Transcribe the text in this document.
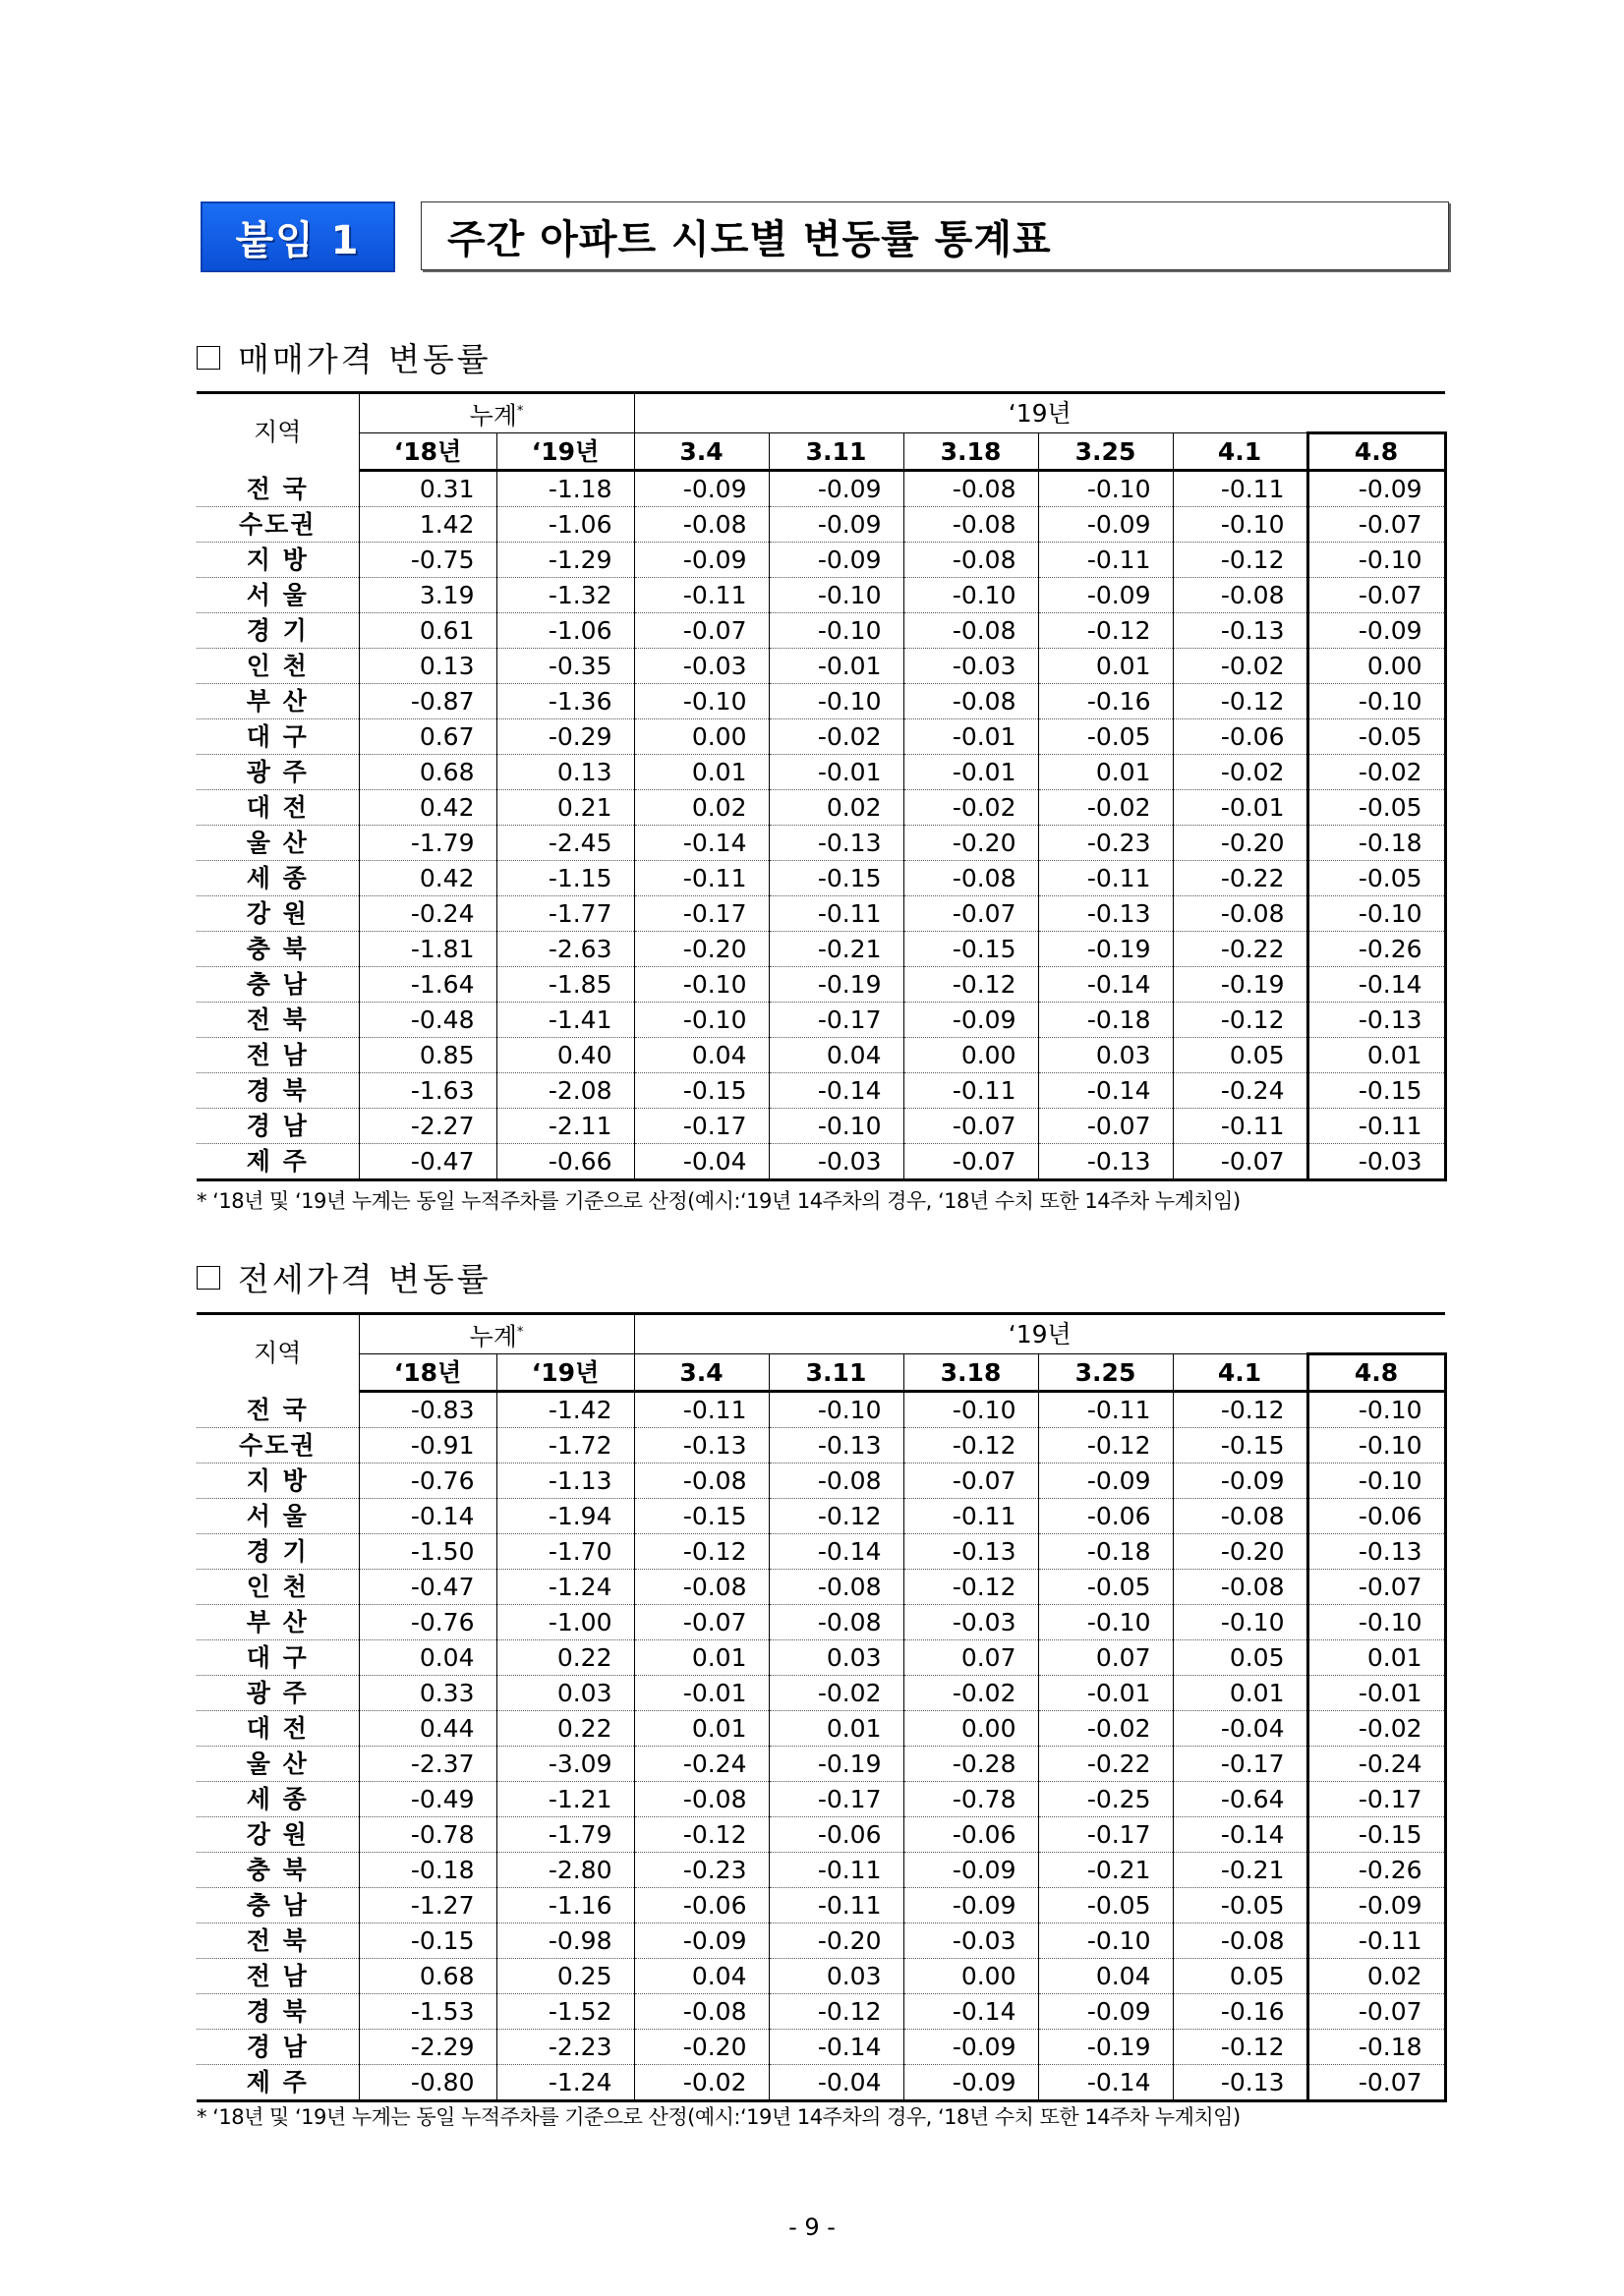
붙임 1	주간 아파트 시도별 변동률 통계표
매매가격 변동률
지역	누계*		‘19년					
	‘18년	‘19년	3.4	3.11	3.18	3.25	4.1	4.8
전 국	0.31	-1.18	-0.09	-0.09	-0.08	-0.10	-0.11	-0.09
수도권	1.42	-1.06	-0.08	-0.09	-0.08	-0.09	-0.10	-0.07
지 방	-0.75	-1.29	-0.09	-0.09	-0.08	-0.11	-0.12	-0.10
서 울	3.19	-1.32	-0.11	-0.10	-0.10	-0.09	-0.08	-0.07
경 기	0.61	-1.06	-0.07	-0.10	-0.08	-0.12	-0.13	-0.09
인 천	0.13	-0.35	-0.03	-0.01	-0.03	0.01	-0.02	0.00
부 산	-0.87	-1.36	-0.10	-0.10	-0.08	-0.16	-0.12	-0.10
대 구	0.67	-0.29	0.00	-0.02	-0.01	-0.05	-0.06	-0.05
광 주	0.68	0.13	0.01	-0.01	-0.01	0.01	-0.02	-0.02
대 전	0.42	0.21	0.02	0.02	-0.02	-0.02	-0.01	-0.05
울 산	-1.79	-2.45	-0.14	-0.13	-0.20	-0.23	-0.20	-0.18
세 종	0.42	-1.15	-0.11	-0.15	-0.08	-0.11	-0.22	-0.05
강 원	-0.24	-1.77	-0.17	-0.11	-0.07	-0.13	-0.08	-0.10
충 북	-1.81	-2.63	-0.20	-0.21	-0.15	-0.19	-0.22	-0.26
충 남	-1.64	-1.85	-0.10	-0.19	-0.12	-0.14	-0.19	-0.14
전 북	-0.48	-1.41	-0.10	-0.17	-0.09	-0.18	-0.12	-0.13
전 남	0.85	0.40	0.04	0.04	0.00	0.03	0.05	0.01
경 북	-1.63	-2.08	-0.15	-0.14	-0.11	-0.14	-0.24	-0.15
경 남	-2.27	-2.11	-0.17	-0.10	-0.07	-0.07	-0.11	-0.11
제 주	-0.47	-0.66	-0.04	-0.03	-0.07	-0.13	-0.07	-0.03
* ‘18년 및 ‘19년 누계는 동일 누적주차를 기준으로 산정(예시:‘19년 14주차의 경우, ‘18년 수치 또한 14주차 누계치임)
전세가격 변동률
지역	누계*		‘19년					
	‘18년	‘19년	3.4	3.11	3.18	3.25	4.1	4.8
전 국	-0.83	-1.42	-0.11	-0.10	-0.10	-0.11	-0.12	-0.10
수도권	-0.91	-1.72	-0.13	-0.13	-0.12	-0.12	-0.15	-0.10
지 방	-0.76	-1.13	-0.08	-0.08	-0.07	-0.09	-0.09	-0.10
서 울	-0.14	-1.94	-0.15	-0.12	-0.11	-0.06	-0.08	-0.06
경 기	-1.50	-1.70	-0.12	-0.14	-0.13	-0.18	-0.20	-0.13
인 천	-0.47	-1.24	-0.08	-0.08	-0.12	-0.05	-0.08	-0.07
부 산	-0.76	-1.00	-0.07	-0.08	-0.03	-0.10	-0.10	-0.10
대 구	0.04	0.22	0.01	0.03	0.07	0.07	0.05	0.01
광 주	0.33	0.03	-0.01	-0.02	-0.02	-0.01	0.01	-0.01
대 전	0.44	0.22	0.01	0.01	0.00	-0.02	-0.04	-0.02
울 산	-2.37	-3.09	-0.24	-0.19	-0.28	-0.22	-0.17	-0.24
세 종	-0.49	-1.21	-0.08	-0.17	-0.78	-0.25	-0.64	-0.17
강 원	-0.78	-1.79	-0.12	-0.06	-0.06	-0.17	-0.14	-0.15
충 북	-0.18	-2.80	-0.23	-0.11	-0.09	-0.21	-0.21	-0.26
충 남	-1.27	-1.16	-0.06	-0.11	-0.09	-0.05	-0.05	-0.09
전 북	-0.15	-0.98	-0.09	-0.20	-0.03	-0.10	-0.08	-0.11
전 남	0.68	0.25	0.04	0.03	0.00	0.04	0.05	0.02
경 북	-1.53	-1.52	-0.08	-0.12	-0.14	-0.09	-0.16	-0.07
경 남	-2.29	-2.23	-0.20	-0.14	-0.09	-0.19	-0.12	-0.18
제 주	-0.80	-1.24	-0.02	-0.04	-0.09	-0.14	-0.13	-0.07
* ‘18년 및 ‘19년 누계는 동일 누적주차를 기준으로 산정(예시:‘19년 14주차의 경우, ‘18년 수치 또한 14주차 누계치임)
- 9 -
